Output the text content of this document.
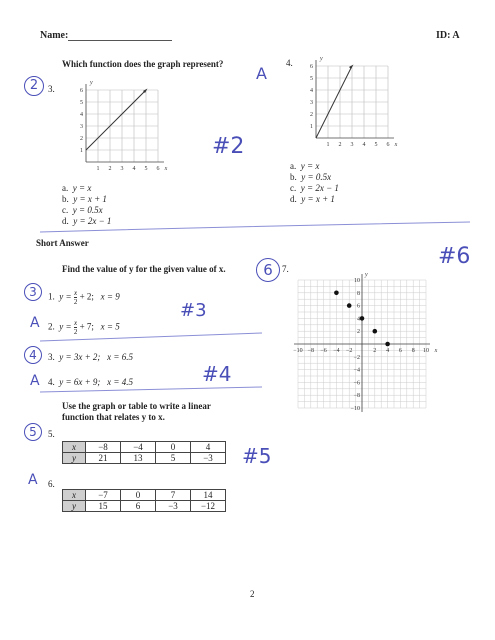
Name:	ID: A
Which function does the graph represent?
3.
1 2 3 4 5 6
1
2
3
4
5
6
x
y
a. y = x
b. y = x + 1
c. y = 0.5x
d. y = 2x − 1
4.
1 2 3 4 5 6
1
2
3
4
5
6
x
y
a. y = x
b. y = 0.5x
c. y = 2x − 1
d. y = x + 1
Short Answer
Find the value of y for the given value of x.
1. $y = \frac{x}{2} + 2$; x = 9
2. $y = \frac{x}{2} + 7$; x = 5
3. y = 3x + 2; x = 6.5
4. y = 6x + 9; x = 4.5
Use the graph or table to write a linear
function that relates y to x.
5.
x	−8	−4	0	4
y	21	13	5	−3
6.
x	−7	0	7	14
y	15	6	−3	−12
7.
−10 −8 −6 −4 −2	2 4 6 8 10
10
8
6
4
2
−2
−4
−6
−8
−10
x
y
2
A
#2
3
A
#3
4
A	#4
5
#5
A
6
#6
2
